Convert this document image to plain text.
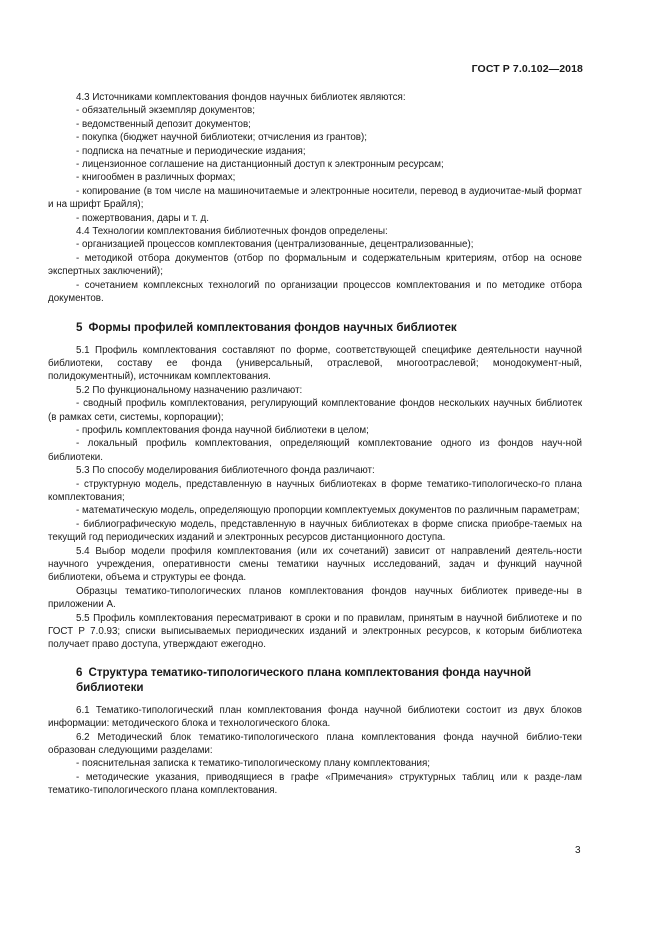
ГОСТ Р 7.0.102—2018

4.3 Источниками комплектования фондов научных библиотек являются:

- обязательный экземпляр документов;

- ведомственный депозит документов;

- покупка (бюджет научной библиотеки; отчисления из грантов);

- подписка на печатные и периодические издания;

- лицензионное соглашение на дистанционный доступ к электронным ресурсам;

- книгообмен в различных формах;

- копирование (в том числе на машиночитаемые и электронные носители, перевод в аудиочитае-мый формат и на шрифт Брайля);

- пожертвования, дары и т. д.

4.4 Технологии комплектования библиотечных фондов определены:

- организацией процессов комплектования (централизованные, децентрализованные);

- методикой отбора документов (отбор по формальным и содержательным критериям, отбор на основе экспертных заключений);

- сочетанием комплексных технологий по организации процессов комплектования и по методике отбора документов.

5 Формы профилей комплектования фондов научных библиотек

5.1 Профиль комплектования составляют по форме, соответствующей специфике деятельности научной библиотеки, составу ее фонда (универсальный, отраслевой, многоотраслевой; монодокумент-ный, полидокументный), источникам комплектования.

5.2 По функциональному назначению различают:

- сводный профиль комплектования, регулирующий комплектование фондов нескольких научных библиотек (в рамках сети, системы, корпорации);

- профиль комплектования фонда научной библиотеки в целом;

- локальный профиль комплектования, определяющий комплектование одного из фондов науч-ной библиотеки.

5.3 По способу моделирования библиотечного фонда различают:

- структурную модель, представленную в научных библиотеках в форме тематико-типологическо-го плана комплектования;

- математическую модель, определяющую пропорции комплектуемых документов по различным параметрам;

- библиографическую модель, представленную в научных библиотеках в форме списка приобре-таемых на текущий год периодических изданий и электронных ресурсов дистанционного доступа.

5.4 Выбор модели профиля комплектования (или их сочетаний) зависит от направлений деятель-ности научного учреждения, оперативности смены тематики научных исследований, задач и функций научной библиотеки, объема и структуры ее фонда.

Образцы тематико-типологических планов комплектования фондов научных библиотек приведе-ны в приложении А.

5.5 Профиль комплектования пересматривают в сроки и по правилам, принятым в научной библиотеке и по ГОСТ Р 7.0.93; списки выписываемых периодических изданий и электронных ресурсов, к которым библиотека получает право доступа, утверждают ежегодно.

6 Структура тематико-типологического плана комплектования фонда научной библиотеки

6.1 Тематико-типологический план комплектования фонда научной библиотеки состоит из двух блоков информации: методического блока и технологического блока.

6.2 Методический блок тематико-типологического плана комплектования фонда научной библио-теки образован следующими разделами:

- пояснительная записка к тематико-типологическому плану комплектования;

- методические указания, приводящиеся в графе «Примечания» структурных таблиц или к разде-лам тематико-типологического плана комплектования.

3
